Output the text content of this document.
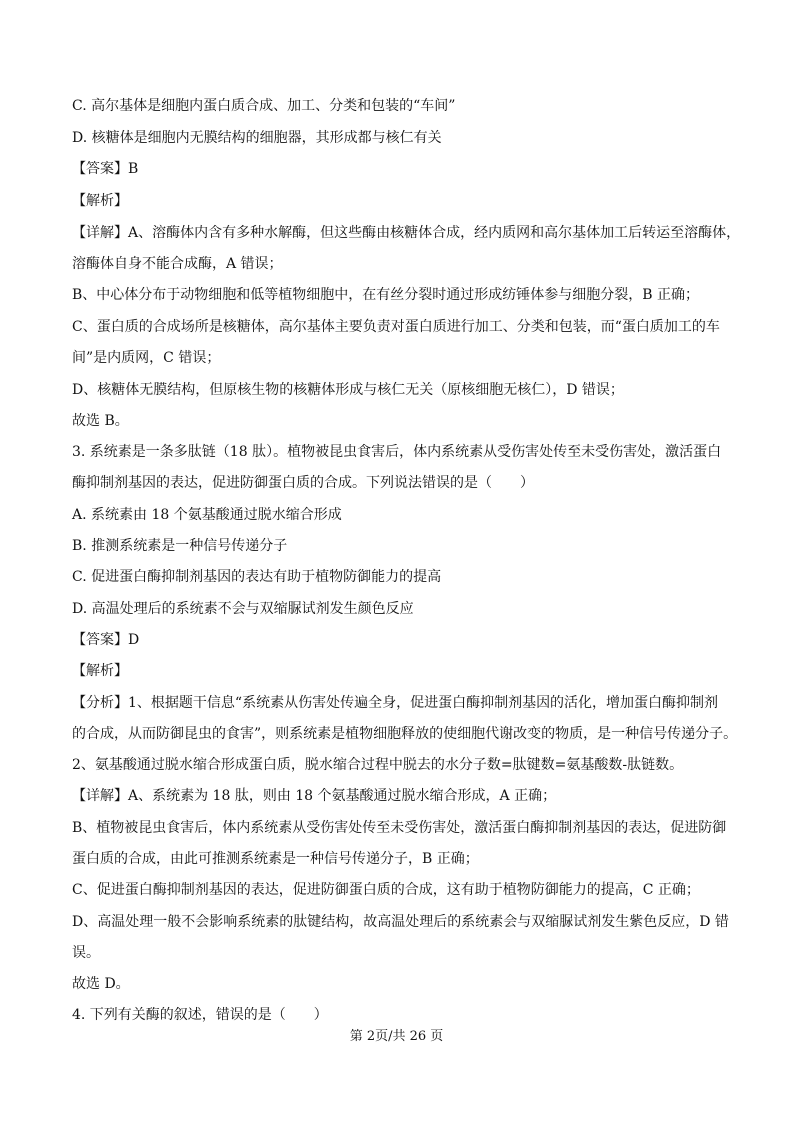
C. 高尔基体是细胞内蛋白质合成、加工、分类和包装的“车间”
D. 核糖体是细胞内无膜结构的细胞器，其形成都与核仁有关
【答案】B
【解析】
【详解】A、溶酶体内含有多种水解酶，但这些酶由核糖体合成，经内质网和高尔基体加工后转运至溶酶体，
溶酶体自身不能合成酶，A 错误；
B、中心体分布于动物细胞和低等植物细胞中，在有丝分裂时通过形成纺锤体参与细胞分裂，B 正确；
C、蛋白质的合成场所是核糖体，高尔基体主要负责对蛋白质进行加工、分类和包装，而“蛋白质加工的车
间”是内质网，C 错误；
D、核糖体无膜结构，但原核生物的核糖体形成与核仁无关（原核细胞无核仁），D 错误；
故选 B。
3. 系统素是一条多肽链（18 肽）。植物被昆虫食害后，体内系统素从受伤害处传至未受伤害处，激活蛋白
酶抑制剂基因的表达，促进防御蛋白质的合成。下列说法错误的是（　　）
A. 系统素由 18 个氨基酸通过脱水缩合形成
B. 推测系统素是一种信号传递分子
C. 促进蛋白酶抑制剂基因的表达有助于植物防御能力的提高
D. 高温处理后的系统素不会与双缩脲试剂发生颜色反应
【答案】D
【解析】
【分析】1、根据题干信息“系统素从伤害处传遍全身，促进蛋白酶抑制剂基因的活化，增加蛋白酶抑制剂
的合成，从而防御昆虫的食害”，则系统素是植物细胞释放的使细胞代谢改变的物质，是一种信号传递分子。
2、氨基酸通过脱水缩合形成蛋白质，脱水缩合过程中脱去的水分子数=肽键数=氨基酸数-肽链数。
【详解】A、系统素为 18 肽，则由 18 个氨基酸通过脱水缩合形成，A 正确；
B、植物被昆虫食害后，体内系统素从受伤害处传至未受伤害处，激活蛋白酶抑制剂基因的表达，促进防御
蛋白质的合成，由此可推测系统素是一种信号传递分子，B 正确；
C、促进蛋白酶抑制剂基因的表达，促进防御蛋白质的合成，这有助于植物防御能力的提高，C 正确；
D、高温处理一般不会影响系统素的肽键结构，故高温处理后的系统素会与双缩脲试剂发生紫色反应，D 错
误。
故选 D。
4. 下列有关酶的叙述，错误的是（　　）
第 2页/共 26 页
